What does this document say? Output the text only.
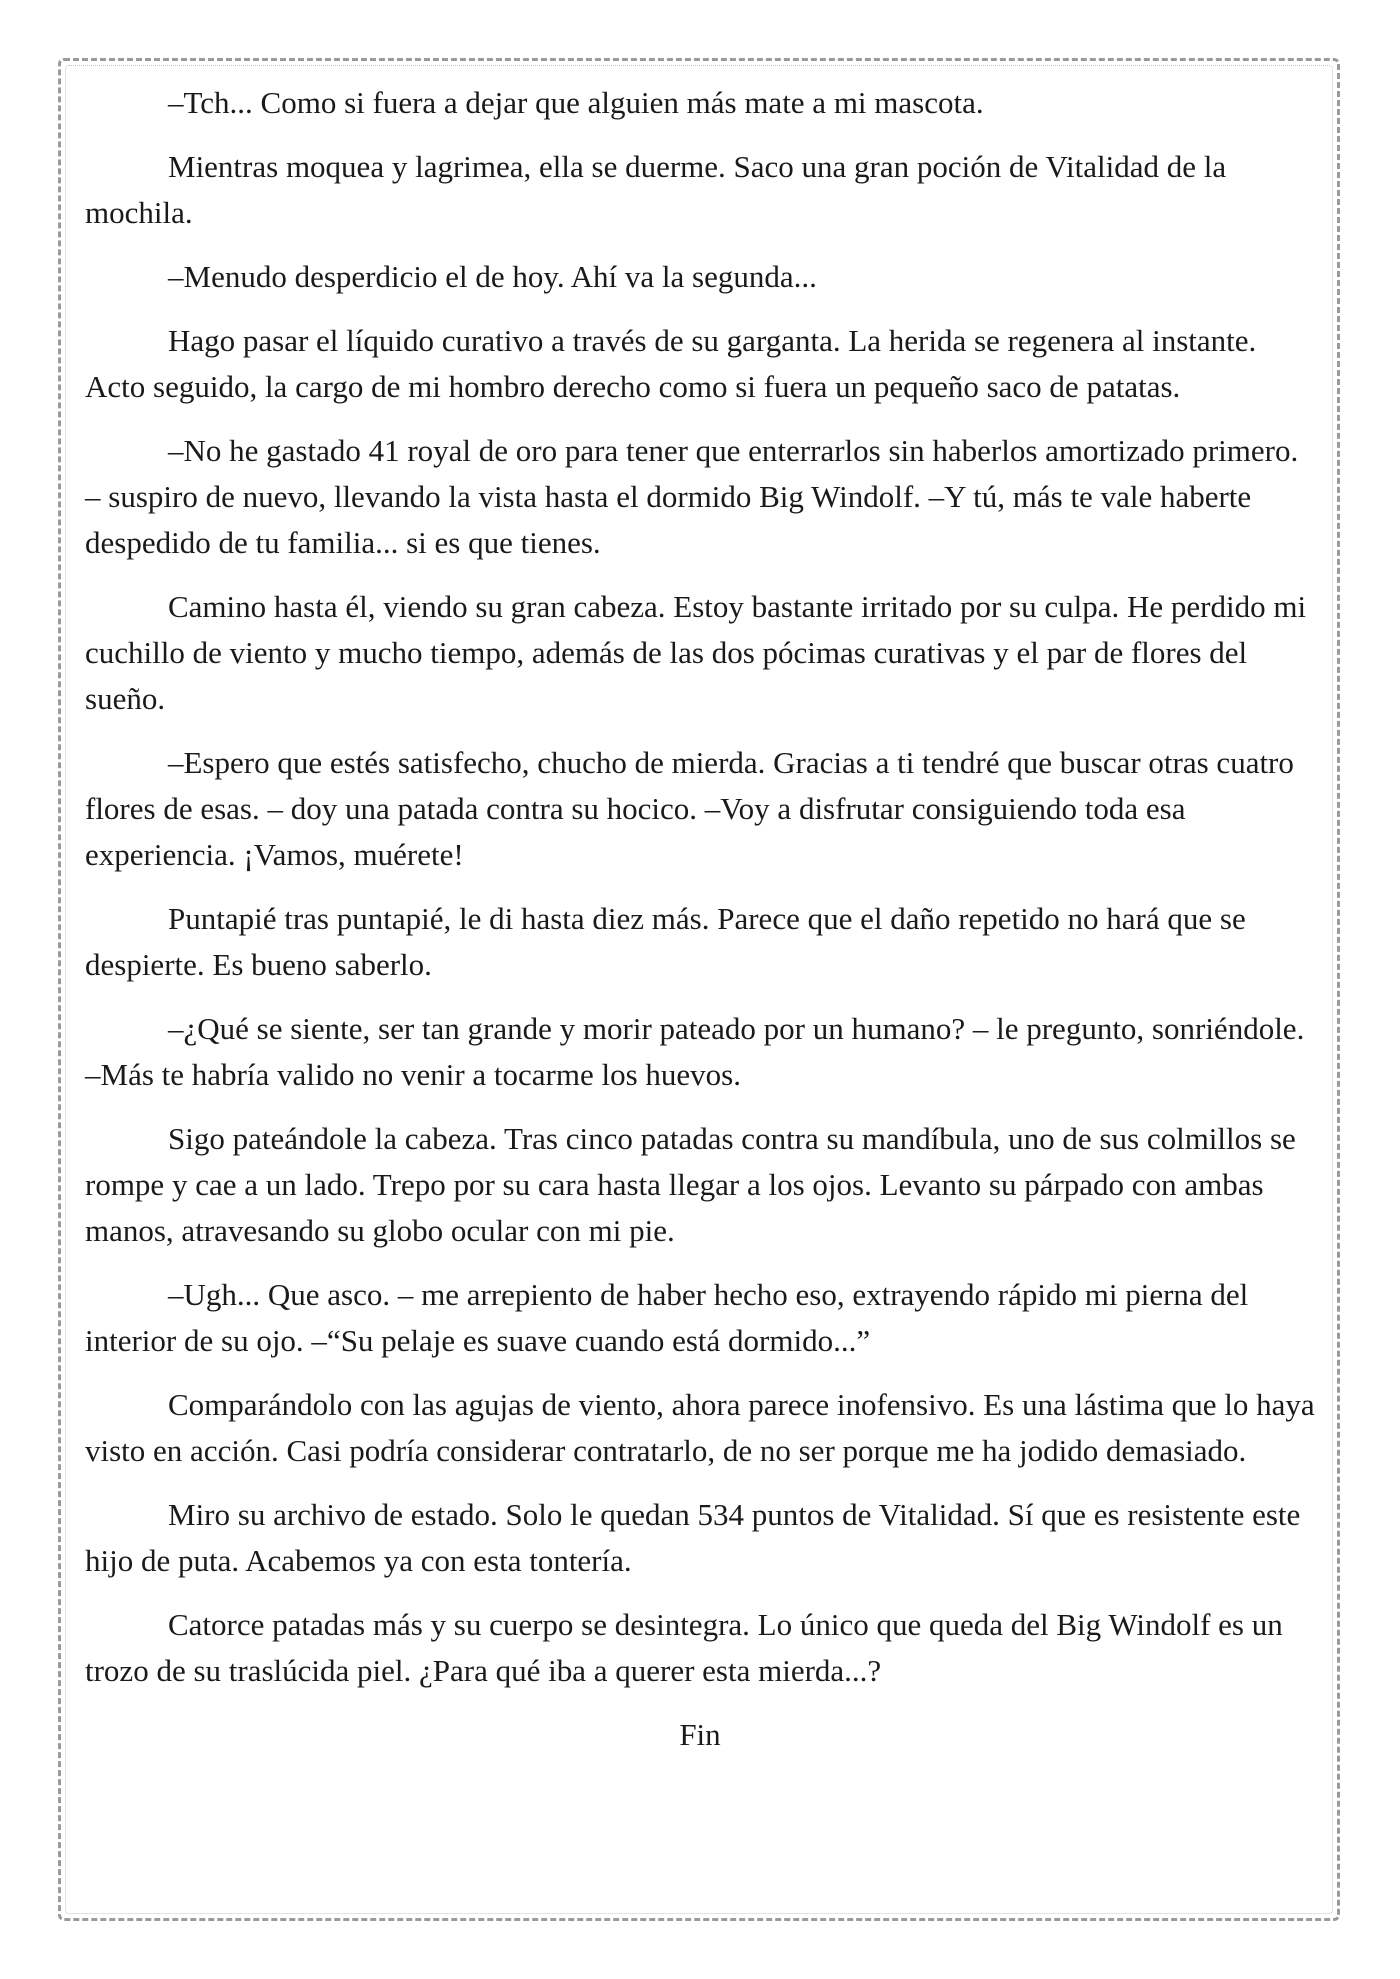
–Tch... Como si fuera a dejar que alguien más mate a mi mascota.

Mientras moquea y lagrimea, ella se duerme. Saco una gran poción de Vitalidad de la mochila.

–Menudo desperdicio el de hoy. Ahí va la segunda...

Hago pasar el líquido curativo a través de su garganta. La herida se regenera al instante. Acto seguido, la cargo de mi hombro derecho como si fuera un pequeño saco de patatas.

–No he gastado 41 royal de oro para tener que enterrarlos sin haberlos amortizado primero. – suspiro de nuevo, llevando la vista hasta el dormido Big Windolf. –Y tú, más te vale haberte despedido de tu familia... si es que tienes.

Camino hasta él, viendo su gran cabeza. Estoy bastante irritado por su culpa. He perdido mi cuchillo de viento y mucho tiempo, además de las dos pócimas curativas y el par de flores del sueño.

–Espero que estés satisfecho, chucho de mierda. Gracias a ti tendré que buscar otras cuatro flores de esas. – doy una patada contra su hocico. –Voy a disfrutar consiguiendo toda esa experiencia. ¡Vamos, muérete!

Puntapié tras puntapié, le di hasta diez más. Parece que el daño repetido no hará que se despierte. Es bueno saberlo.

–¿Qué se siente, ser tan grande y morir pateado por un humano? – le pregunto, sonriéndole. –Más te habría valido no venir a tocarme los huevos.

Sigo pateándole la cabeza. Tras cinco patadas contra su mandíbula, uno de sus colmillos se rompe y cae a un lado. Trepo por su cara hasta llegar a los ojos. Levanto su párpado con ambas manos, atravesando su globo ocular con mi pie.

–Ugh... Que asco. – me arrepiento de haber hecho eso, extrayendo rápido mi pierna del interior de su ojo. –“Su pelaje es suave cuando está dormido...”

Comparándolo con las agujas de viento, ahora parece inofensivo. Es una lástima que lo haya visto en acción. Casi podría considerar contratarlo, de no ser porque me ha jodido demasiado.

Miro su archivo de estado. Solo le quedan 534 puntos de Vitalidad. Sí que es resistente este hijo de puta. Acabemos ya con esta tontería.

Catorce patadas más y su cuerpo se desintegra. Lo único que queda del Big Windolf es un trozo de su traslúcida piel. ¿Para qué iba a querer esta mierda...?

Fin
